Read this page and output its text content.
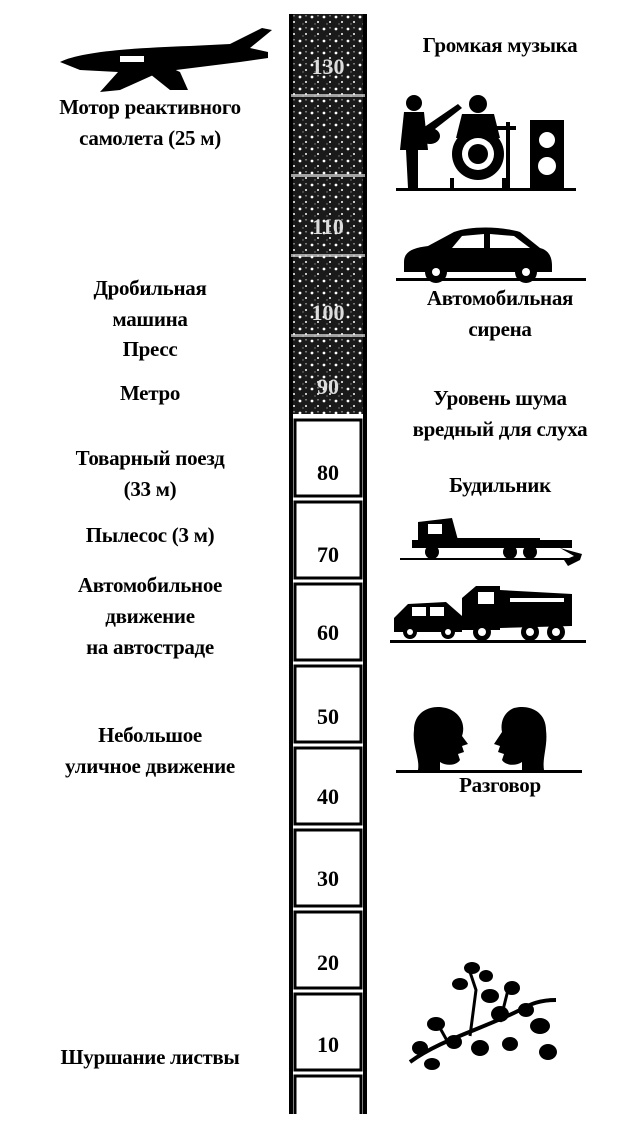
Мотор реактивного
самолета (25 м)
Дробильная
машина
Пресс
Метро
Товарный поезд
(33 м)
Пылесос (3 м)
Автомобильное
движение
на автостраде
Небольшое
уличное движение
Шуршание листвы
Громкая музыка
Автомобильная
сирена
Уровень шума
вредный для слуха
Будильник
Разговор
130
110
100
90
80
70
60
50
40
30
20
10
